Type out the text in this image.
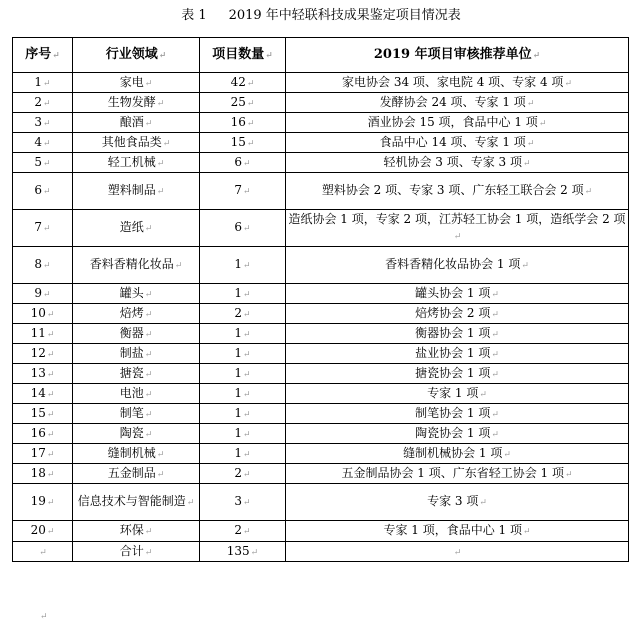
表 1 2019 年中轻联科技成果鉴定项目情况表
序号↵	行业领域↵	项目数量↵	2019 年项目审核推荐单位↵
1↵	家电↵	42↵	家电协会 34 项、家电院 4 项、专家 4 项↵
2↵	生物发酵↵	25↵	发酵协会 24 项、专家 1 项↵
3↵	酿酒↵	16↵	酒业协会 15 项，食品中心 1 项↵
4↵	其他食品类↵	15↵	食品中心 14 项、专家 1 项↵
5↵	轻工机械↵	6↵	轻机协会 3 项、专家 3 项↵
6↵	塑料制品↵	7↵	塑料协会 2 项、专家 3 项、广东轻工联合会 2 项↵
7↵	造纸↵	6↵	造纸协会 1 项，专家 2 项，江苏轻工协会 1 项，造纸学会 2 项↵
8↵	香料香精化妆品↵	1↵	香料香精化妆品协会 1 项↵
9↵	罐头↵	1↵	罐头协会 1 项↵
10↵	焙烤↵	2↵	焙烤协会 2 项↵
11↵	衡器↵	1↵	衡器协会 1 项↵
12↵	制盐↵	1↵	盐业协会 1 项↵
13↵	搪瓷↵	1↵	搪瓷协会 1 项↵
14↵	电池↵	1↵	专家 1 项↵
15↵	制笔↵	1↵	制笔协会 1 项↵
16↵	陶瓷↵	1↵	陶瓷协会 1 项↵
17↵	缝制机械↵	1↵	缝制机械协会 1 项↵
18↵	五金制品↵	2↵	五金制品协会 1 项、广东省轻工协会 1 项↵
19↵	信息技术与智能制造↵	3↵	专家 3 项↵
20↵	环保↵	2↵	专家 1 项，食品中心 1 项↵
↵	合计↵	135↵	↵
↵
